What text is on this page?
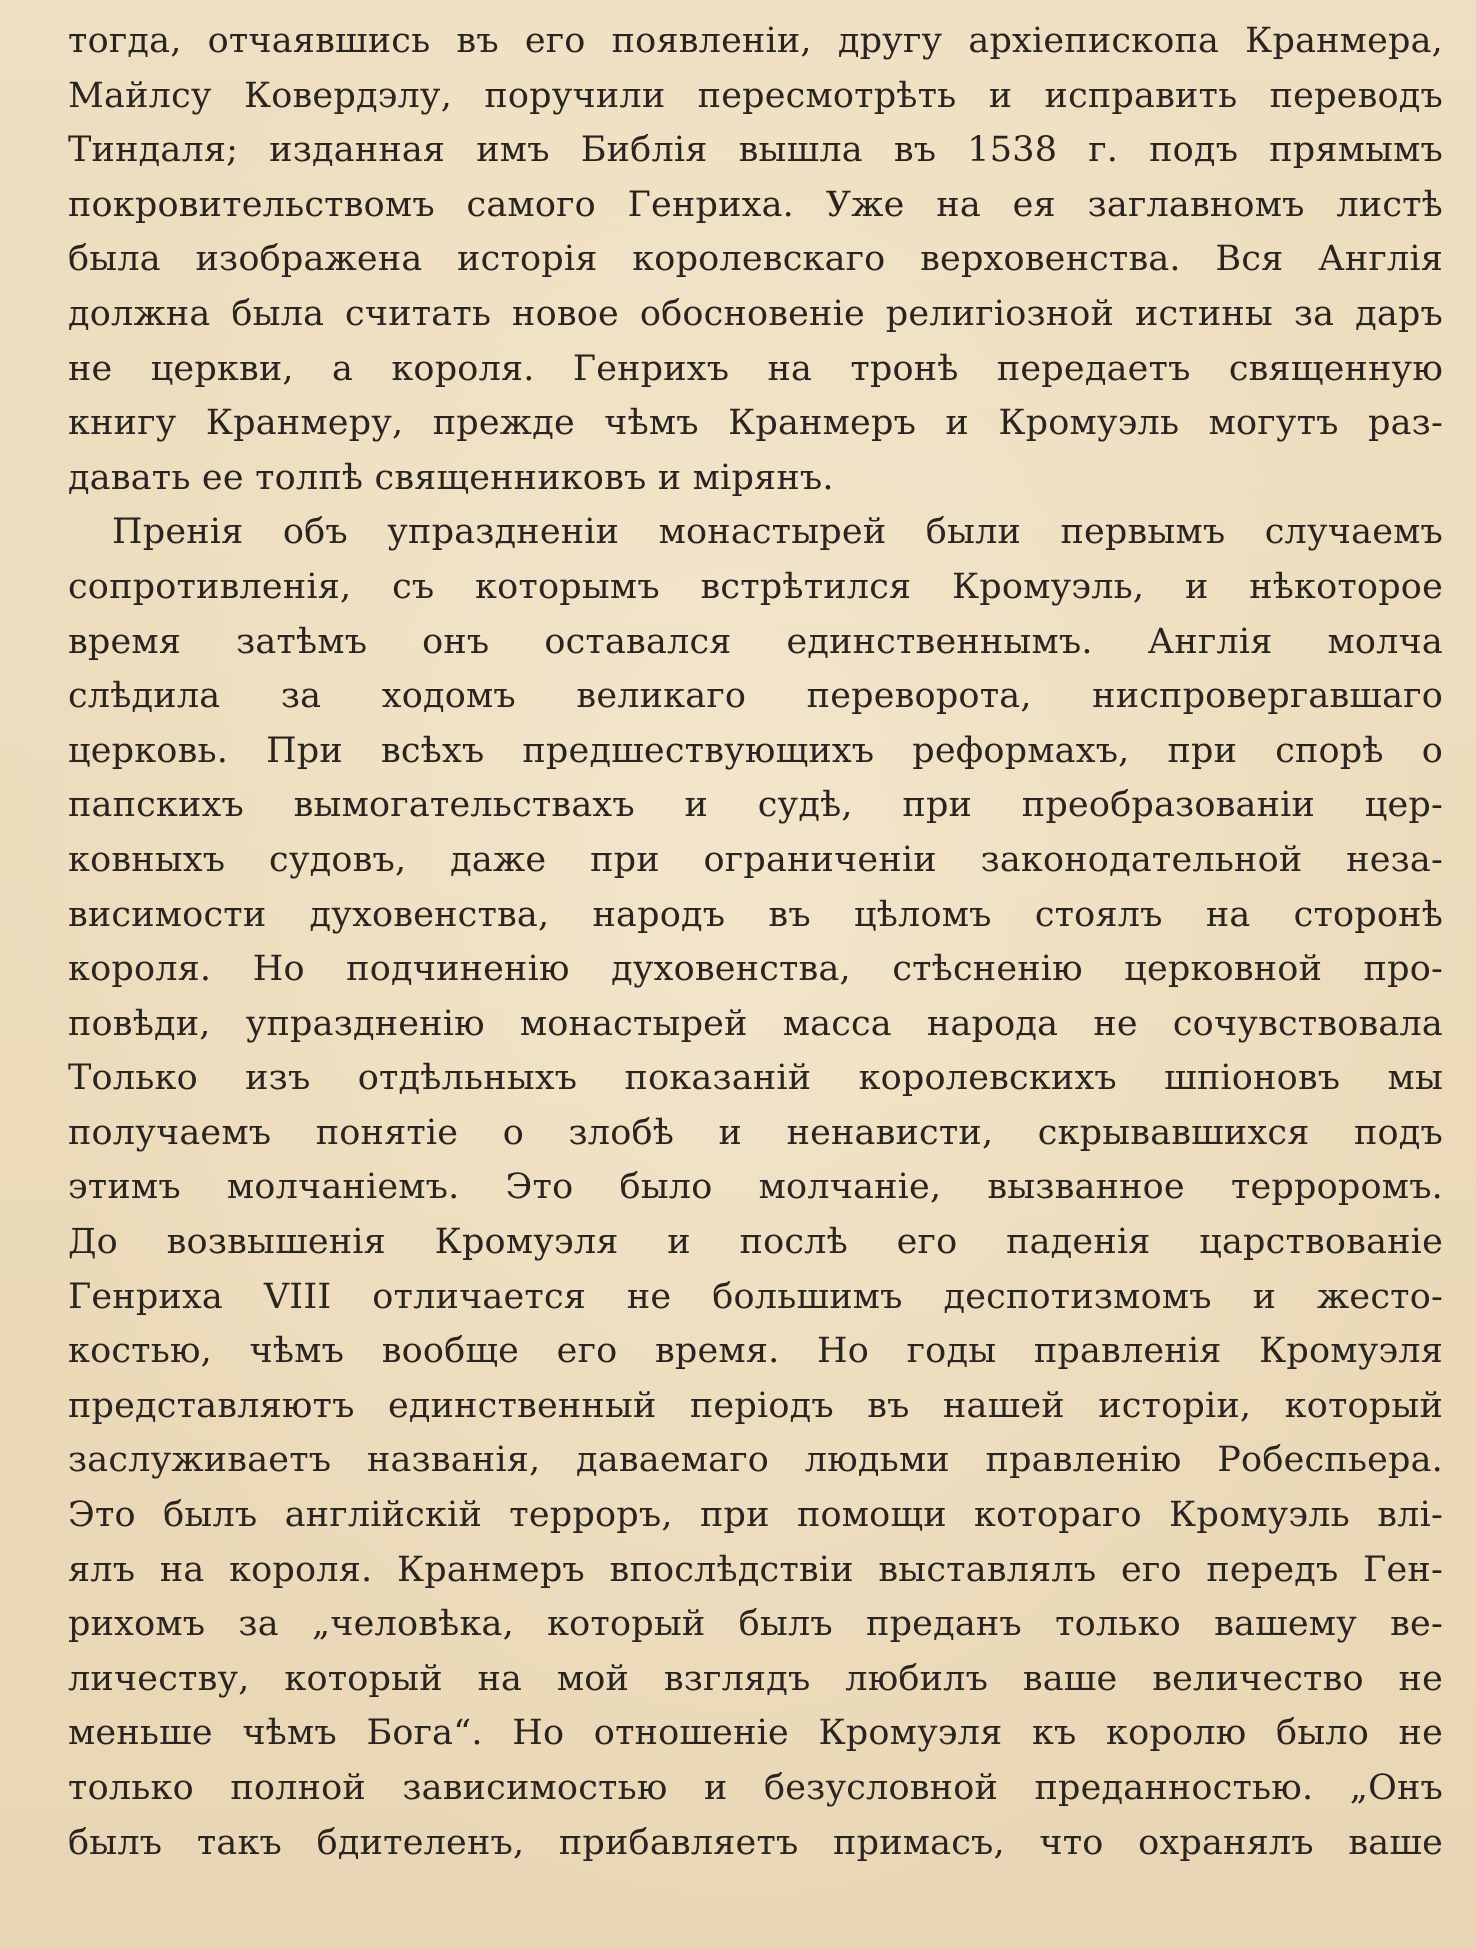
тогда, отчаявшись въ его появленіи, другу архіепископа Кранмера,
Майлсу Ковердэлу, поручили пересмотрѣть и исправить переводъ
Тиндаля; изданная имъ Библія вышла въ 1538 г. подъ прямымъ
покровительствомъ самого Генриха. Уже на ея заглавномъ листѣ
была изображена исторія королевскаго верховенства. Вся Англія
должна была считать новое обосновеніе религіозной истины за даръ
не церкви, а короля. Генрихъ на тронѣ передаетъ священную
книгу Кранмеру, прежде чѣмъ Кранмеръ и Кромуэль могутъ раз-
давать ее толпѣ священниковъ и мірянъ.
Пренія объ упраздненіи монастырей были первымъ случаемъ
сопротивленія, съ которымъ встрѣтился Кромуэль, и нѣкоторое
время затѣмъ онъ оставался единственнымъ. Англія молча
слѣдила за ходомъ великаго переворота, ниспровергавшаго
церковь. При всѣхъ предшествующихъ реформахъ, при спорѣ о
папскихъ вымогательствахъ и судѣ, при преобразованіи цер-
ковныхъ судовъ, даже при ограниченіи законодательной неза-
висимости духовенства, народъ въ цѣломъ стоялъ на сторонѣ
короля. Но подчиненію духовенства, стѣсненію церковной про-
повѣди, упраздненію монастырей масса народа не сочувствовала
Только изъ отдѣльныхъ показаній королевскихъ шпіоновъ мы
получаемъ понятіе о злобѣ и ненависти, скрывавшихся подъ
этимъ молчаніемъ. Это было молчаніе, вызванное терроромъ.
До возвышенія Кромуэля и послѣ его паденія царствованіе
Генриха VIII отличается не большимъ деспотизмомъ и жесто-
костью, чѣмъ вообще его время. Но годы правленія Кромуэля
представляютъ единственный періодъ въ нашей исторіи, который
заслуживаетъ названія, даваемаго людьми правленію Робеспьера.
Это былъ англійскій терроръ, при помощи котораго Кромуэль влі-
ялъ на короля. Кранмеръ впослѣдствіи выставлялъ его передъ Ген-
рихомъ за „человѣка, который былъ преданъ только вашему ве-
личеству, который на мой взглядъ любилъ ваше величество не
меньше чѣмъ Бога“. Но отношеніе Кромуэля къ королю было не
только полной зависимостью и безусловной преданностью. „Онъ
былъ такъ бдителенъ, прибавляетъ примасъ, что охранялъ ваше
